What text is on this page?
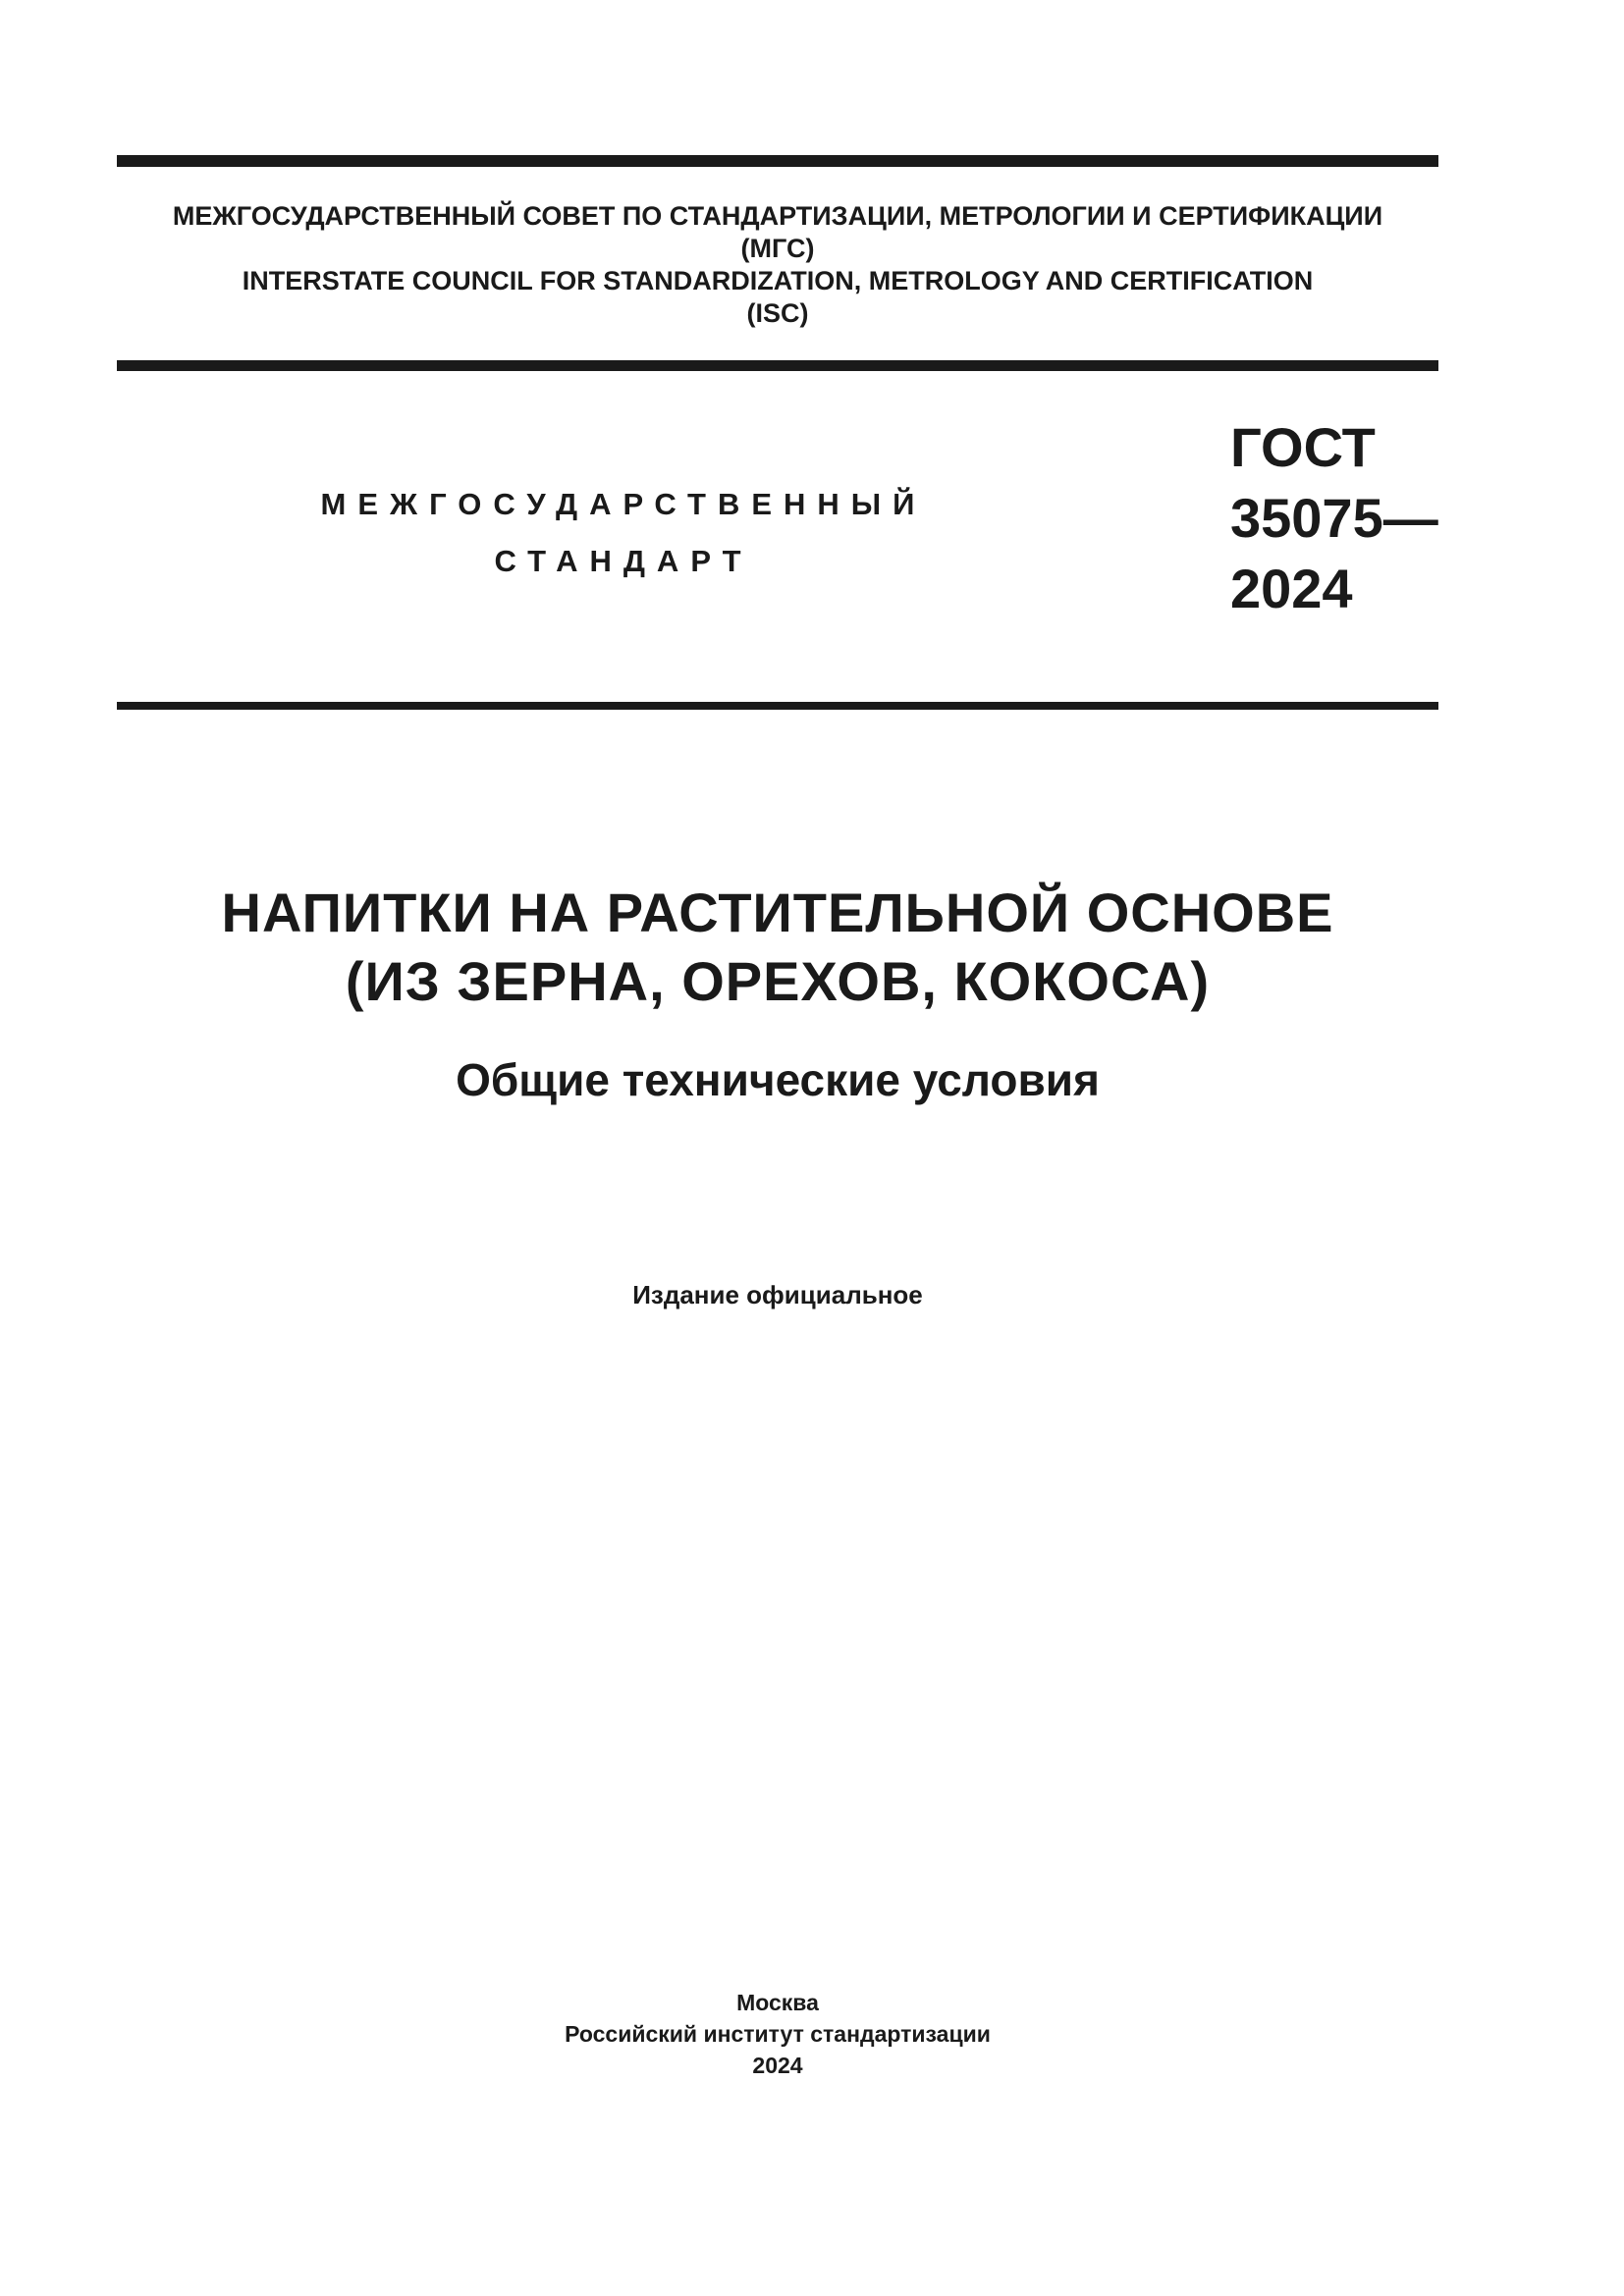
МЕЖГОСУДАРСТВЕННЫЙ СОВЕТ ПО СТАНДАРТИЗАЦИИ, МЕТРОЛОГИИ И СЕРТИФИКАЦИИ
(МГС)
INTERSTATE COUNCIL FOR STANDARDIZATION, METROLOGY AND CERTIFICATION
(ISC)
МЕЖГОСУДАРСТВЕННЫЙ
СТАНДАРТ
ГОСТ
35075—
2024
НАПИТКИ НА РАСТИТЕЛЬНОЙ ОСНОВЕ
(ИЗ ЗЕРНА, ОРЕХОВ, КОКОСА)
Общие технические условия
Издание официальное
Москва
Российский институт стандартизации
2024
